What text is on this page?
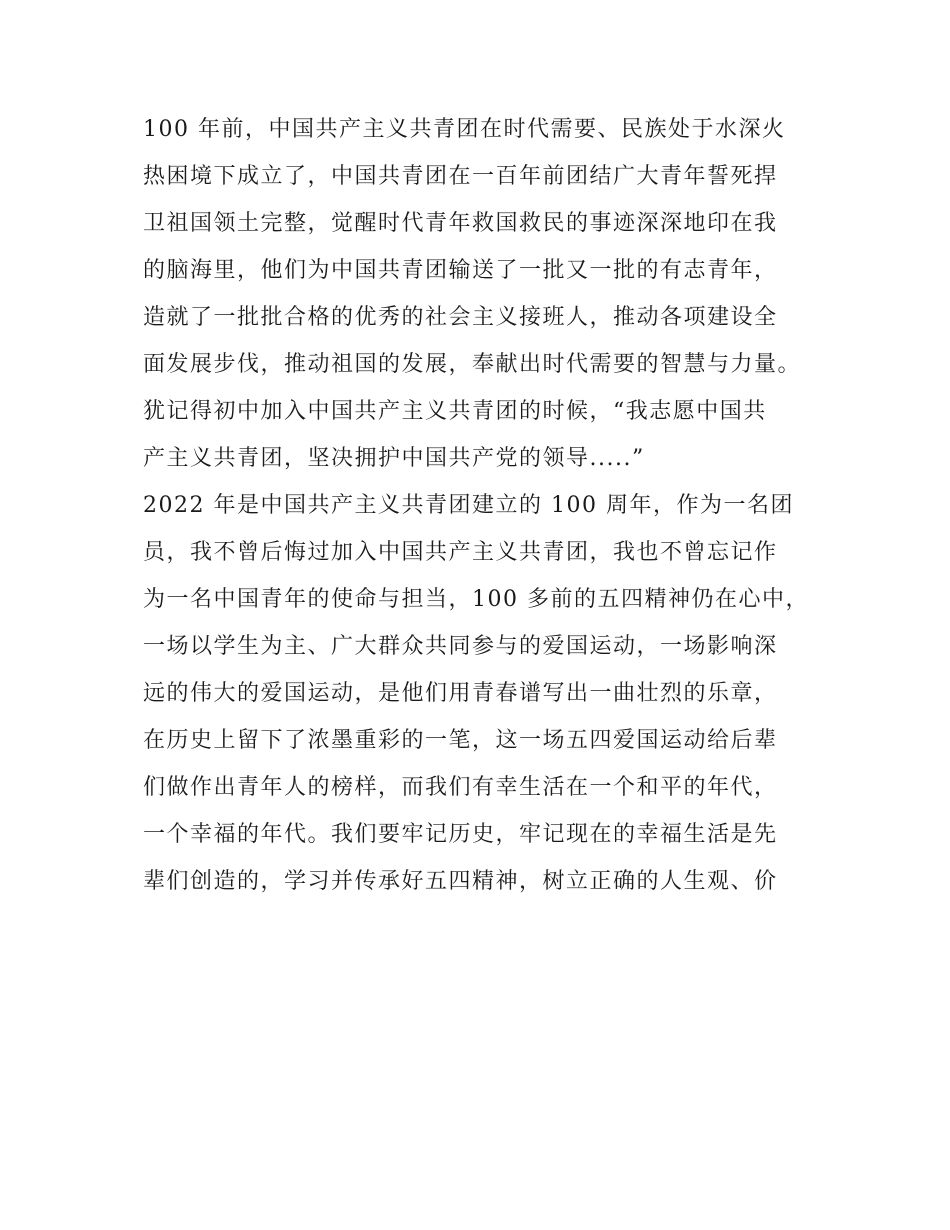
100 年前，中国共产主义共青团在时代需要、民族处于水深火
热困境下成立了，中国共青团在一百年前团结广大青年誓死捍
卫祖国领土完整，觉醒时代青年救国救民的事迹深深地印在我
的脑海里，他们为中国共青团输送了一批又一批的有志青年，
造就了一批批合格的优秀的社会主义接班人，推动各项建设全
面发展步伐，推动祖国的发展，奉献出时代需要的智慧与力量。
犹记得初中加入中国共产主义共青团的时候，“我志愿中国共
产主义共青团，坚决拥护中国共产党的领导.....”
2022 年是中国共产主义共青团建立的 100 周年，作为一名团
员，我不曾后悔过加入中国共产主义共青团，我也不曾忘记作
为一名中国青年的使命与担当，100 多前的五四精神仍在心中，
一场以学生为主、广大群众共同参与的爱国运动，一场影响深
远的伟大的爱国运动，是他们用青春谱写出一曲壮烈的乐章，
在历史上留下了浓墨重彩的一笔，这一场五四爱国运动给后辈
们做作出青年人的榜样，而我们有幸生活在一个和平的年代，
一个幸福的年代。我们要牢记历史，牢记现在的幸福生活是先
辈们创造的，学习并传承好五四精神，树立正确的人生观、价
